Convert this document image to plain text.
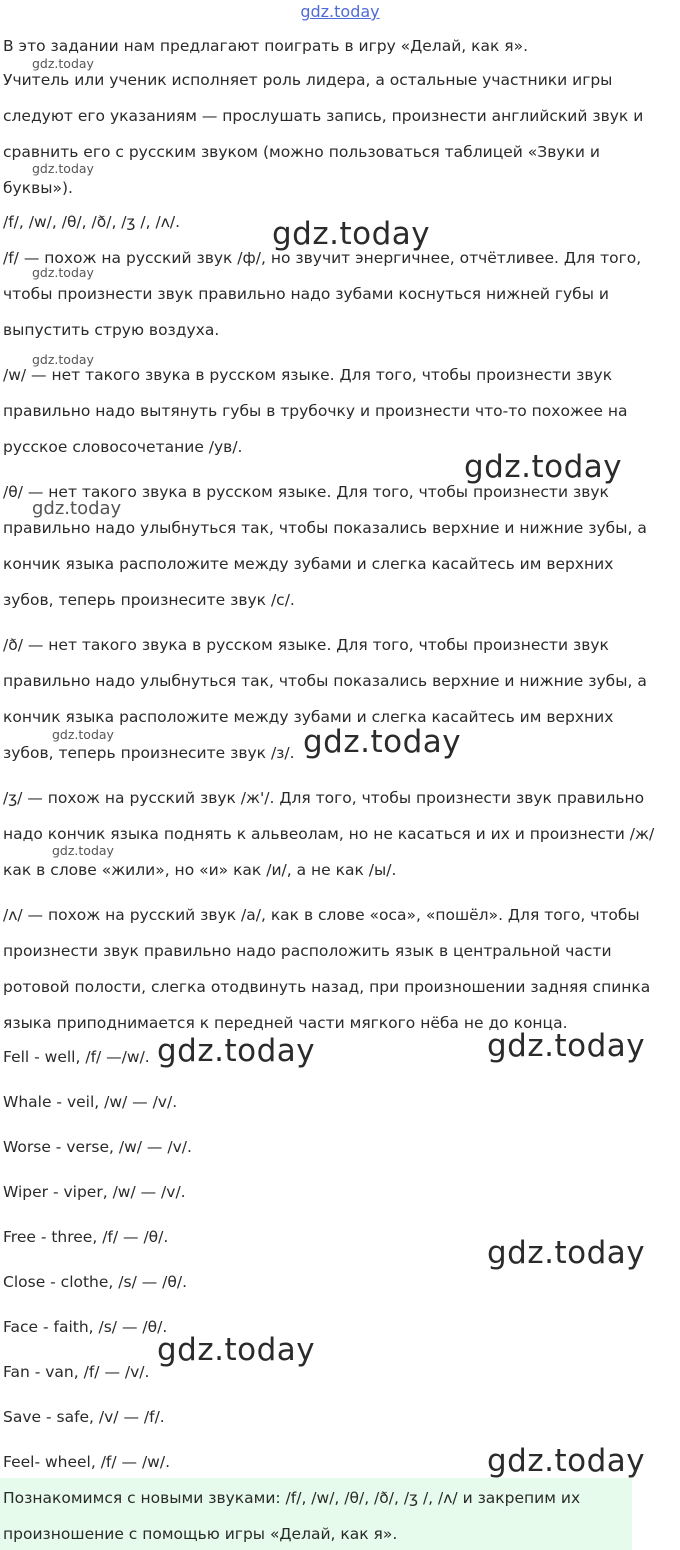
gdz.today
В это задании нам предлагают поиграть в игру «Делай, как я».
Учитель или ученик исполняет роль лидера, а остальные участники игры
следуют его указаниям — прослушать запись, произнести английский звук и
сравнить его с русским звуком (можно пользоваться таблицей «Звуки и
буквы»).
/f/, /w/, /θ/, /ð/, /ʒ /, /ʌ/.
/f/ — похож на русский звук /ф/, но звучит энергичнее, отчётливее. Для того,
чтобы произнести звук правильно надо зубами коснуться нижней губы и
выпустить струю воздуха.
/w/ — нет такого звука в русском языке. Для того, чтобы произнести звук
правильно надо вытянуть губы в трубочку и произнести что-то похожее на
русское словосочетание /ув/.
/θ/ — нет такого звука в русском языке. Для того, чтобы произнести звук
правильно надо улыбнуться так, чтобы показались верхние и нижние зубы, а
кончик языка расположите между зубами и слегка касайтесь им верхних
зубов, теперь произнесите звук /с/.
/ð/ — нет такого звука в русском языке. Для того, чтобы произнести звук
правильно надо улыбнуться так, чтобы показались верхние и нижние зубы, а
кончик языка расположите между зубами и слегка касайтесь им верхних
зубов, теперь произнесите звук /з/.
/ʒ/ — похож на русский звук /ж'/. Для того, чтобы произнести звук правильно
надо кончик языка поднять к альвеолам, но не касаться и их и произнести /ж/
как в слове «жили», но «и» как /и/, а не как /ы/.
/ʌ/ — похож на русский звук /а/, как в слове «оса», «пошёл». Для того, чтобы
произнести звук правильно надо расположить язык в центральной части
ротовой полости, слегка отодвинуть назад, при произношении задняя спинка
языка приподнимается к передней части мягкого нёба не до конца.
Fell - well, /f/ —/w/.
Whale - veil, /w/ — /v/.
Worse - verse, /w/ — /v/.
Wiper - viper, /w/ — /v/.
Free - three, /f/ — /θ/.
Close - clothe, /s/ — /θ/.
Face - faith, /s/ — /θ/.
Fan - van, /f/ — /v/.
Save - safe, /v/ — /f/.
Feel- wheel, /f/ — /w/.
Познакомимся с новыми звуками: /f/, /w/, /θ/, /ð/, /ʒ /, /ʌ/ и закрепим их
произношение с помощью игры «Делай, как я».
gdz.today
gdz.today
gdz.today
gdz.today
gdz.today
gdz.today
gdz.today
gdz.today
gdz.today
gdz.today
gdz.today	gdz.today
gdz.today
gdz.today
gdz.today
